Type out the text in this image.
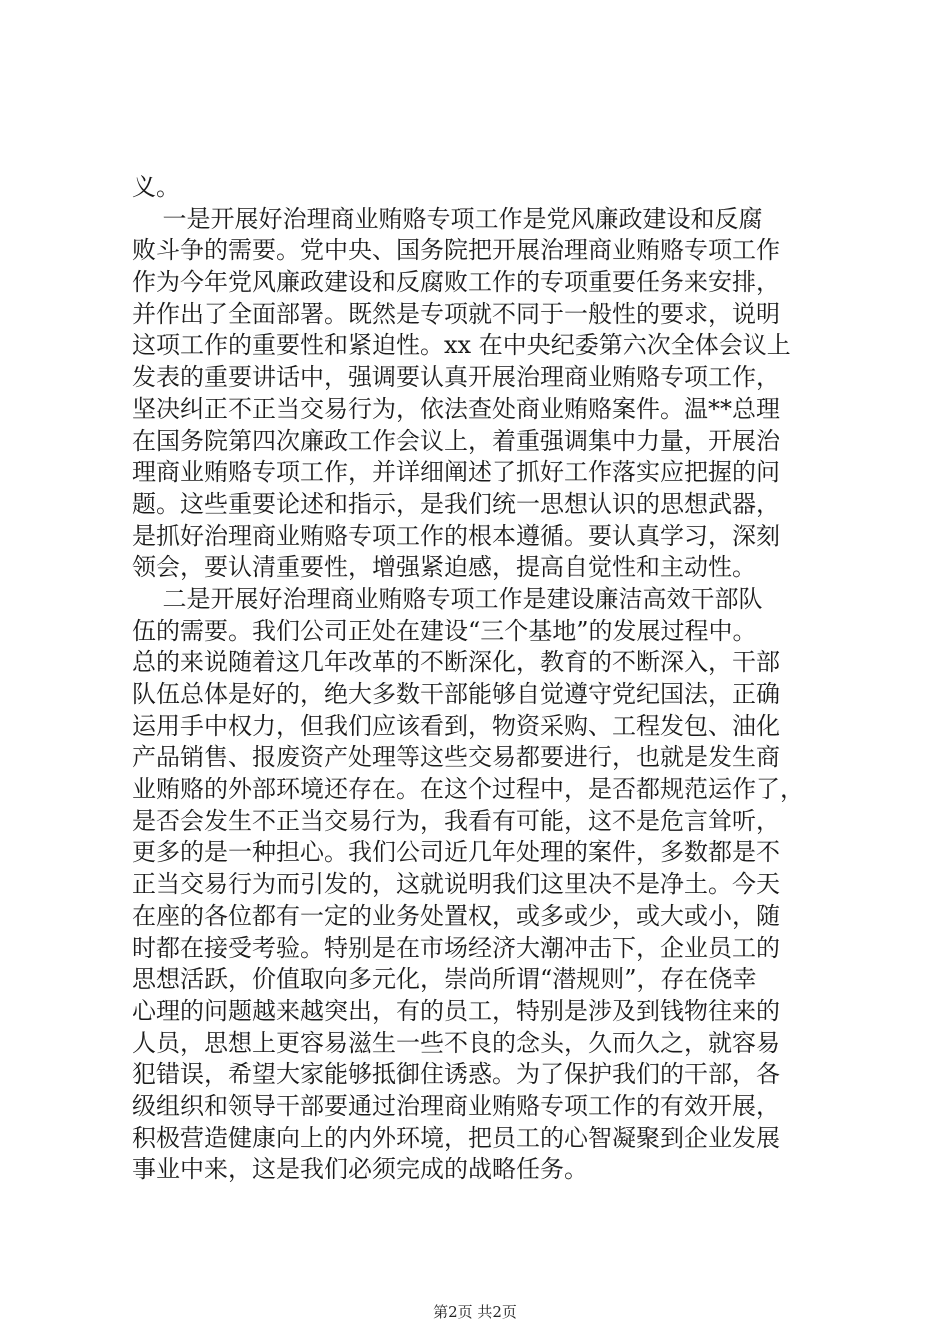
义。
一是开展好治理商业贿赂专项工作是党风廉政建设和反腐
败斗争的需要。党中央、国务院把开展治理商业贿赂专项工作
作为今年党风廉政建设和反腐败工作的专项重要任务来安排，
并作出了全面部署。既然是专项就不同于一般性的要求，说明
这项工作的重要性和紧迫性。xx 在中央纪委第六次全体会议上
发表的重要讲话中，强调要认真开展治理商业贿赂专项工作，
坚决纠正不正当交易行为，依法查处商业贿赂案件。温**总理
在国务院第四次廉政工作会议上，着重强调集中力量，开展治
理商业贿赂专项工作，并详细阐述了抓好工作落实应把握的问
题。这些重要论述和指示，是我们统一思想认识的思想武器，
是抓好治理商业贿赂专项工作的根本遵循。要认真学习，深刻
领会，要认清重要性，增强紧迫感，提高自觉性和主动性。
二是开展好治理商业贿赂专项工作是建设廉洁高效干部队
伍的需要。我们公司正处在建设“三个基地”的发展过程中。
总的来说随着这几年改革的不断深化，教育的不断深入，干部
队伍总体是好的，绝大多数干部能够自觉遵守党纪国法，正确
运用手中权力，但我们应该看到，物资采购、工程发包、油化
产品销售、报废资产处理等这些交易都要进行，也就是发生商
业贿赂的外部环境还存在。在这个过程中，是否都规范运作了，
是否会发生不正当交易行为，我看有可能，这不是危言耸听，
更多的是一种担心。我们公司近几年处理的案件，多数都是不
正当交易行为而引发的，这就说明我们这里决不是净土。今天
在座的各位都有一定的业务处置权，或多或少，或大或小，随
时都在接受考验。特别是在市场经济大潮冲击下，企业员工的
思想活跃，价值取向多元化，崇尚所谓“潜规则”，存在侥幸
心理的问题越来越突出，有的员工，特别是涉及到钱物往来的
人员，思想上更容易滋生一些不良的念头，久而久之，就容易
犯错误，希望大家能够抵御住诱惑。为了保护我们的干部，各
级组织和领导干部要通过治理商业贿赂专项工作的有效开展，
积极营造健康向上的内外环境，把员工的心智凝聚到企业发展
事业中来，这是我们必须完成的战略任务。
第2页 共2页
